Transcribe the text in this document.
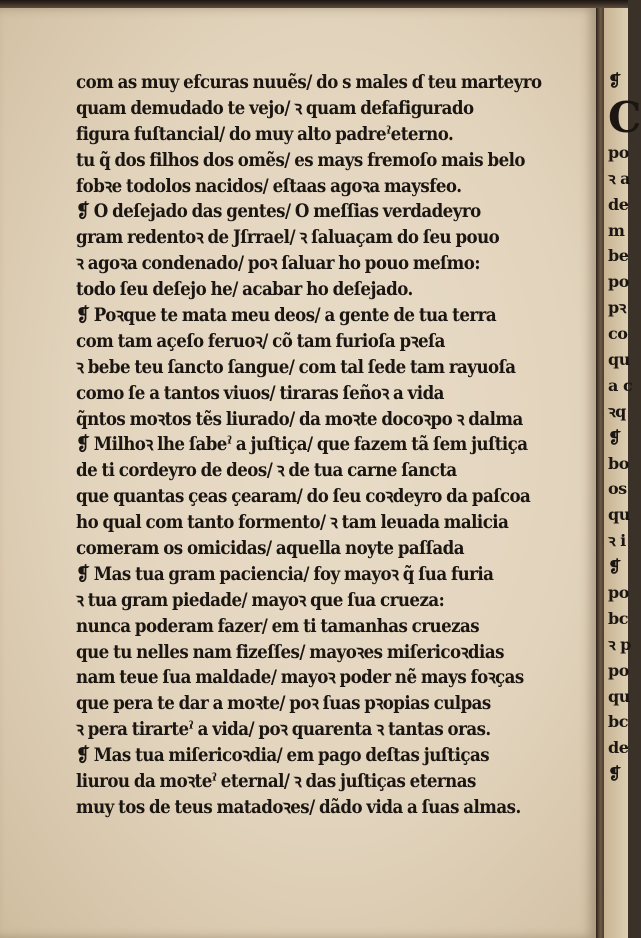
com as muy efcuras nuuẽs/ do s males ɗ teu marteyro
quam demudado te vejo/ ꝛ quam defafigurado
figura fuſtancial/ do muy alto padreˀeterno.
tu q̃ dos filhos dos omẽs/ es mays fremoſo mais belo
fobꝛe todolos nacidos/ eſtaas agoꝛa maysfeo.
❡ O deſejado das gentes/ O meſſias verdadeyro
gram redentoꝛ de Jſrrael/ ꝛ ſaluaçam do ſeu pouo
ꝛ agoꝛa condenado/ poꝛ ſaluar ho pouo meſmo:
todo ſeu deſejo he/ acabar ho deſejado.
❡ Poꝛque te mata meu deos/ a gente de tua terra
com tam açeſo feruoꝛ/ cõ tam furioſa pꝛeſa
ꝛ bebe teu ſancto ſangue/ com tal ſede tam rayuoſa
como ſe a tantos viuos/ tiraras ſeñoꝛ a vida
q̃ntos moꝛtos tẽs liurado/ da moꝛte docoꝛpo ꝛ dalma
❡ Milhoꝛ lhe ſabeˀ a juſtiça/ que fazem tã ſem juſtiça
de ti cordeyro de deos/ ꝛ de tua carne ſancta
que quantas çeas çearam/ do ſeu coꝛdeyro da paſcoa
ho qual com tanto formento/ ꝛ tam leuada malicia
comeram os omicidas/ aquella noyte paſſada
❡ Mas tua gram paciencia/ foy mayoꝛ q̃ ſua furia
ꝛ tua gram piedade/ mayoꝛ que ſua crueza:
nunca poderam fazer/ em ti tamanhas cruezas
que tu nelles nam fizeſſes/ mayoꝛes miſericoꝛdias
nam teue ſua maldade/ mayoꝛ poder nẽ mays foꝛças
que pera te dar a moꝛte/ poꝛ ſuas pꝛopias culpas
ꝛ pera tirarteˀ a vida/ poꝛ quarenta ꝛ tantas oras.
❡ Mas tua miſericoꝛdia/ em pago deſtas juſtiças
liurou da moꝛteˀ eternal/ ꝛ das juſtiças eternas
muy tos de teus matadoꝛes/ dãdo vida a ſuas almas.
❡
C
po
ꝛ a
de
m
be
po
pꝛ
co
qu
a c
ꝛq
❡
bo
os
qu
ꝛ i
❡
po
bc
ꝛ p
po
qu
bc
de
❡
